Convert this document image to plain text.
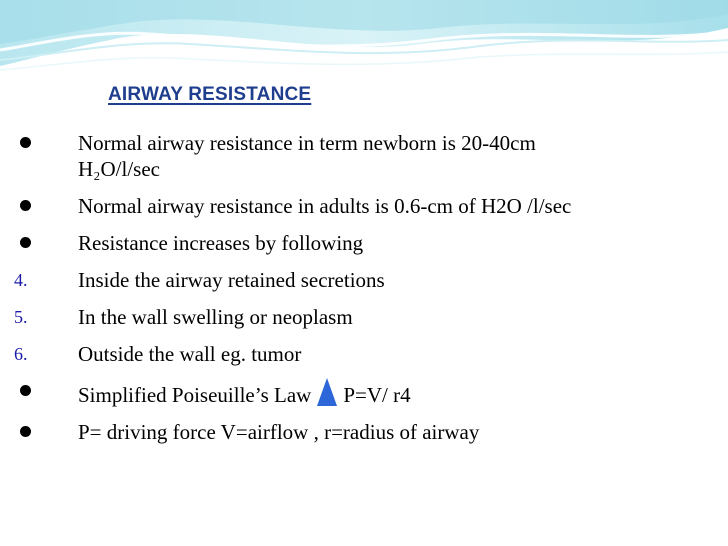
AIRWAY RESISTANCE
Normal airway resistance in term newborn is 20-40cm
H₂O/l/sec
Normal airway resistance in adults is 0.6-cm of H2O /l/sec
Resistance increases by following
4. Inside the airway retained secretions
5. In the wall swelling or neoplasm
6. Outside the wall eg. tumor
Simplified Poiseuille’s Law P=V/ r4
P= driving force V=airflow , r=radius of airway
